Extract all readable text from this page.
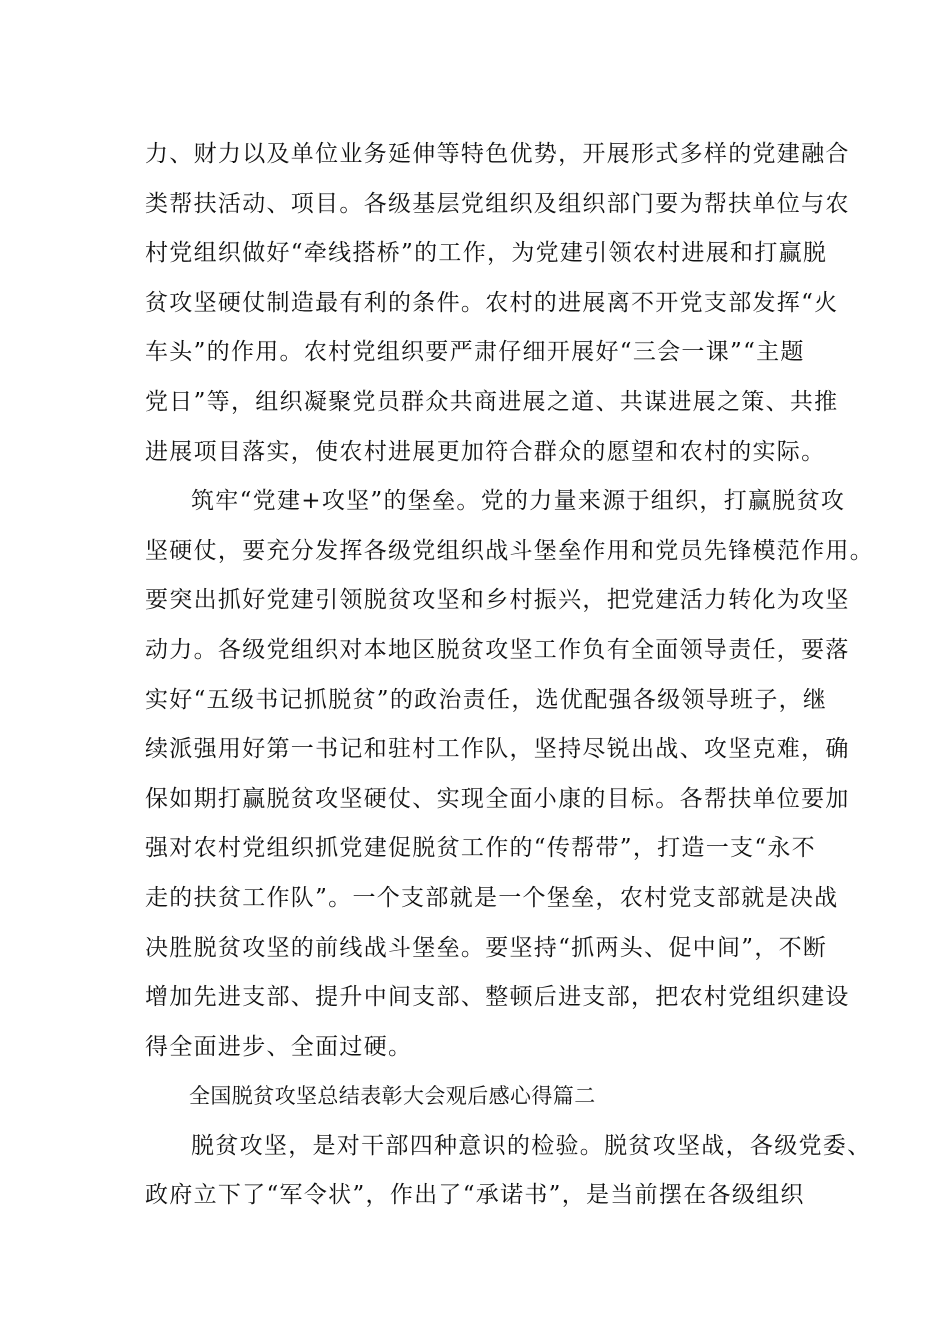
力、财力以及单位业务延伸等特色优势，开展形式多样的党建融合
类帮扶活动、项目。各级基层党组织及组织部门要为帮扶单位与农
村党组织做好“牵线搭桥”的工作，为党建引领农村进展和打赢脱
贫攻坚硬仗制造最有利的条件。农村的进展离不开党支部发挥“火
车头”的作用。农村党组织要严肃仔细开展好“三会一课”“主题
党日”等，组织凝聚党员群众共商进展之道、共谋进展之策、共推
进展项目落实，使农村进展更加符合群众的愿望和农村的实际。
筑牢“党建+攻坚”的堡垒。党的力量来源于组织，打赢脱贫攻
坚硬仗，要充分发挥各级党组织战斗堡垒作用和党员先锋模范作用。
要突出抓好党建引领脱贫攻坚和乡村振兴，把党建活力转化为攻坚
动力。各级党组织对本地区脱贫攻坚工作负有全面领导责任，要落
实好“五级书记抓脱贫”的政治责任，选优配强各级领导班子，继
续派强用好第一书记和驻村工作队，坚持尽锐出战、攻坚克难，确
保如期打赢脱贫攻坚硬仗、实现全面小康的目标。各帮扶单位要加
强对农村党组织抓党建促脱贫工作的“传帮带”，打造一支“永不
走的扶贫工作队”。一个支部就是一个堡垒，农村党支部就是决战
决胜脱贫攻坚的前线战斗堡垒。要坚持“抓两头、促中间”，不断
增加先进支部、提升中间支部、整顿后进支部，把农村党组织建设
得全面进步、全面过硬。
全国脱贫攻坚总结表彰大会观后感心得篇二
脱贫攻坚，是对干部四种意识的检验。脱贫攻坚战，各级党委、
政府立下了“军令状”，作出了“承诺书”，是当前摆在各级组织
